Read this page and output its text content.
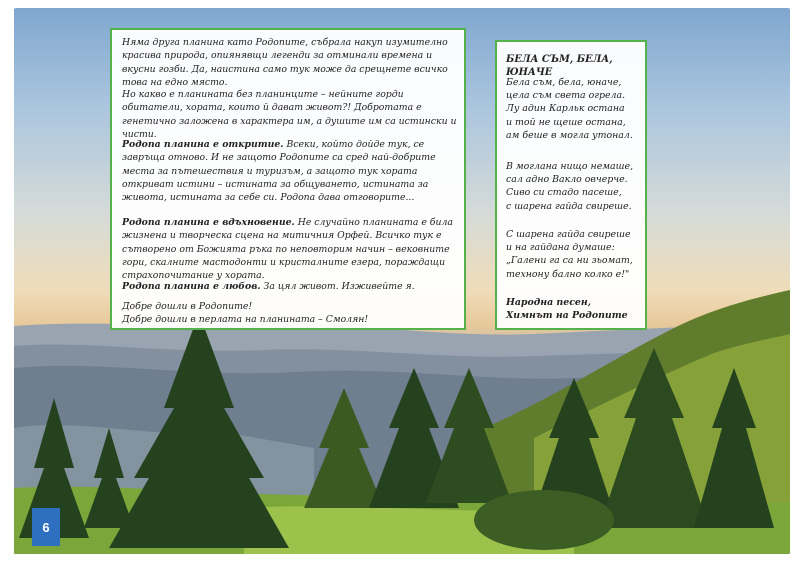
Няма друга планина като Родопите, събрала накуп изумително красива природа, опиянявщи легенди за отминали времена и вкусни гозби. Да, наистина само тук може да срещнете всичко това на едно място.

Но какво е планината без планинците – нейните горди обитатели, хората, които й дават живот?! Добротата е генетично заложена в характера им, а душите им са истински и чисти.

Родопа планина е откритие. Всеки, който дойде тук, се завръща отново. И не защото Родопите са сред най-добрите места за пътешествия и туризъм, а защото тук хората откриват истини – истината за общуването, истината за живота, истината за себе си. Родопа дава отговорите...

Родопа планина е вдъхновение. Не случайно планината е била жизнена и творческа сцена на митичния Орфей. Всичко тук е сътворено от Божията ръка по неповторим начин – вековните гори, скалните мастодонти и кристалните езера, пораждащи страхопочитание у хората.

Родопа планина е любов. За цял живот. Изживейте я.

Добре дошли в Родопите!

Добре дошли в перлата на планината – Смолян!

БЕЛА СЪМ, БЕЛА, ЮНАЧЕ

Бела съм, бела, юначе,
цела съм света огрела.
Лу адин Карльк остана
и той не щеше остана,
ам беше в могла утонал.

В моглана нищо немаше,
сал адно Вакло овчерче.
Сиво си стадо пасеше,
с шарена гайда свиреше.

С шарена гайда свиреше
и на гайдана думаше:
„Галени га са ни зьомат,
технону бално колко е!"

Народна песен,
Химнът на Родопите

6
